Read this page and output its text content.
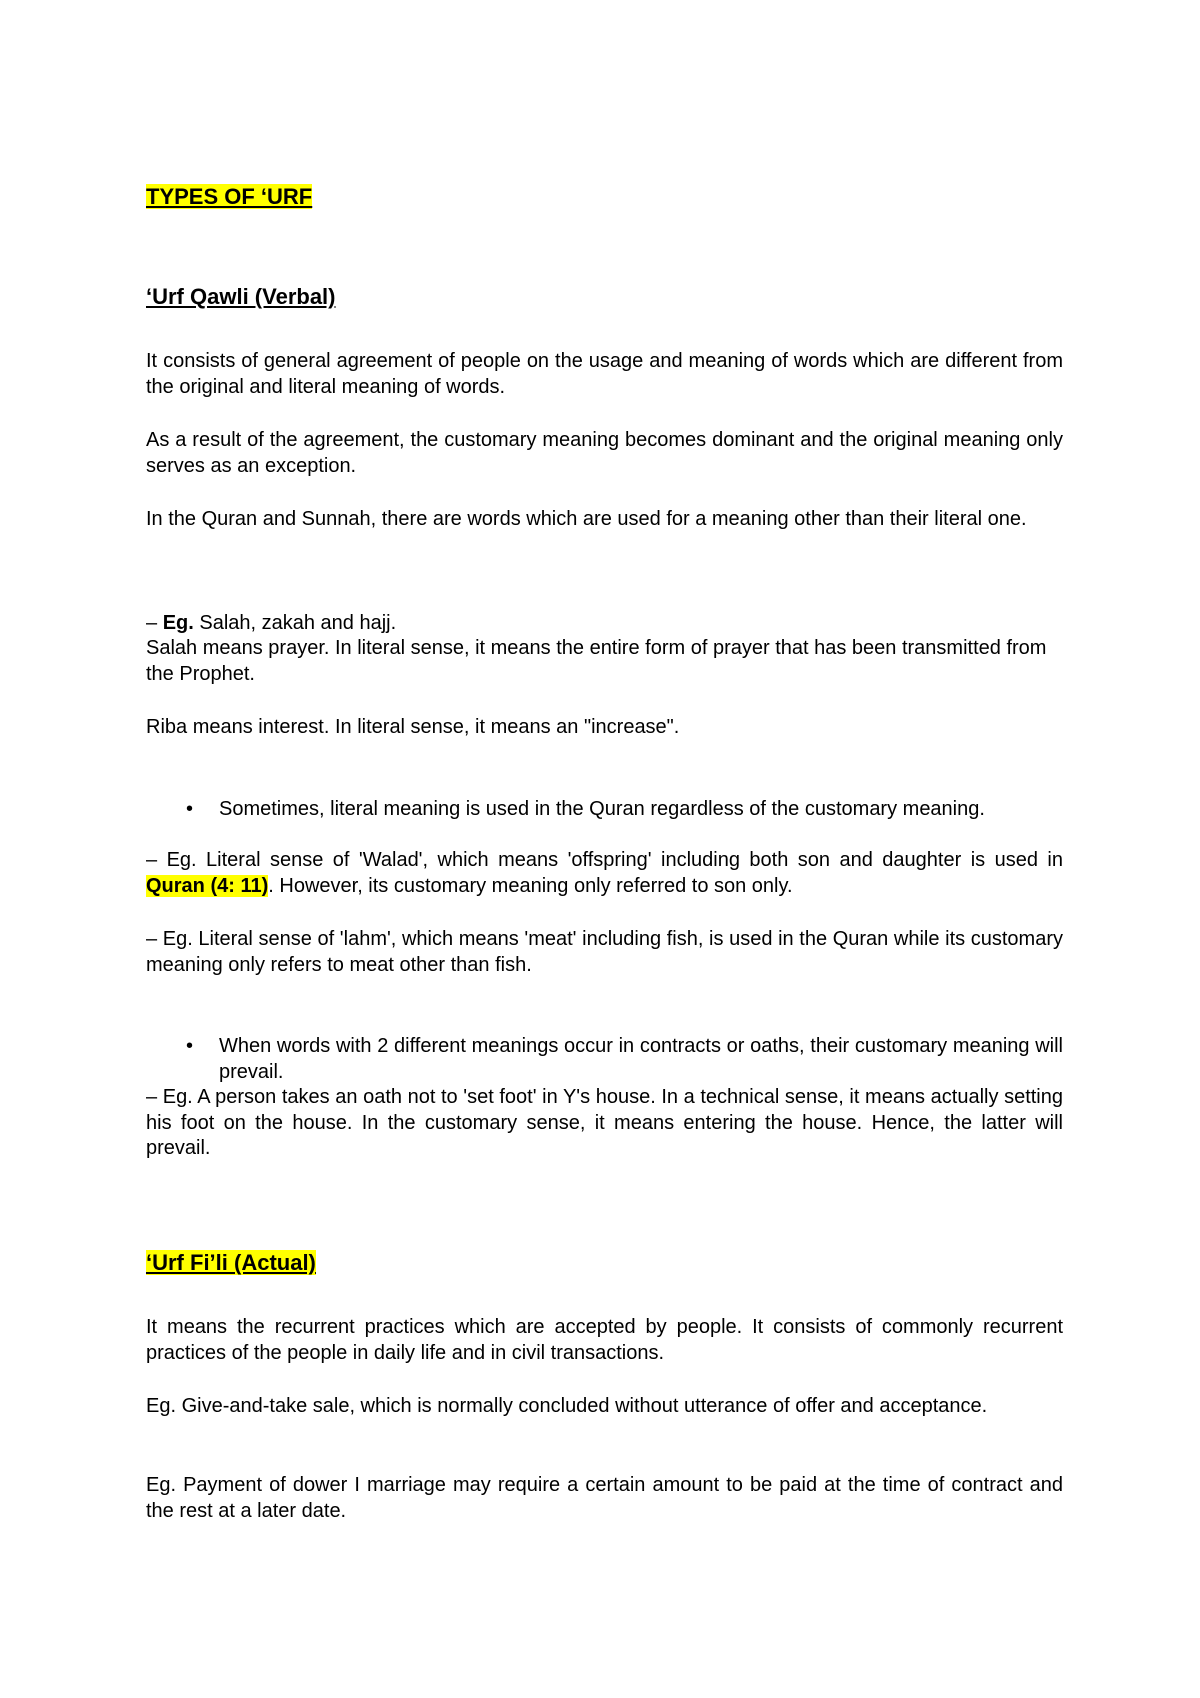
TYPES OF ‘URF
‘Urf Qawli (Verbal)
It consists of general agreement of people on the usage and meaning of words which are different from the original and literal meaning of words.
As a result of the agreement, the customary meaning becomes dominant and the original meaning only serves as an exception.
In the Quran and Sunnah, there are words which are used for a meaning other than their literal one.
– Eg. Salah, zakah and hajj.
Salah means prayer. In literal sense, it means the entire form of prayer that has been transmitted from the Prophet.
Riba means interest. In literal sense, it means an "increase".
•	Sometimes, literal meaning is used in the Quran regardless of the customary meaning.
– Eg. Literal sense of 'Walad', which means 'offspring' including both son and daughter is used in Quran (4: 11). However, its customary meaning only referred to son only.
– Eg. Literal sense of 'lahm', which means 'meat' including fish, is used in the Quran while its customary meaning only refers to meat other than fish.
•	When words with 2 different meanings occur in contracts or oaths, their customary meaning will prevail.
– Eg. A person takes an oath not to 'set foot' in Y's house. In a technical sense, it means actually setting his foot on the house. In the customary sense, it means entering the house. Hence, the latter will prevail.
‘Urf Fi’li (Actual)
It means the recurrent practices which are accepted by people. It consists of commonly recurrent practices of the people in daily life and in civil transactions.
Eg. Give-and-take sale, which is normally concluded without utterance of offer and acceptance.
Eg. Payment of dower I marriage may require a certain amount to be paid at the time of contract and the rest at a later date.
